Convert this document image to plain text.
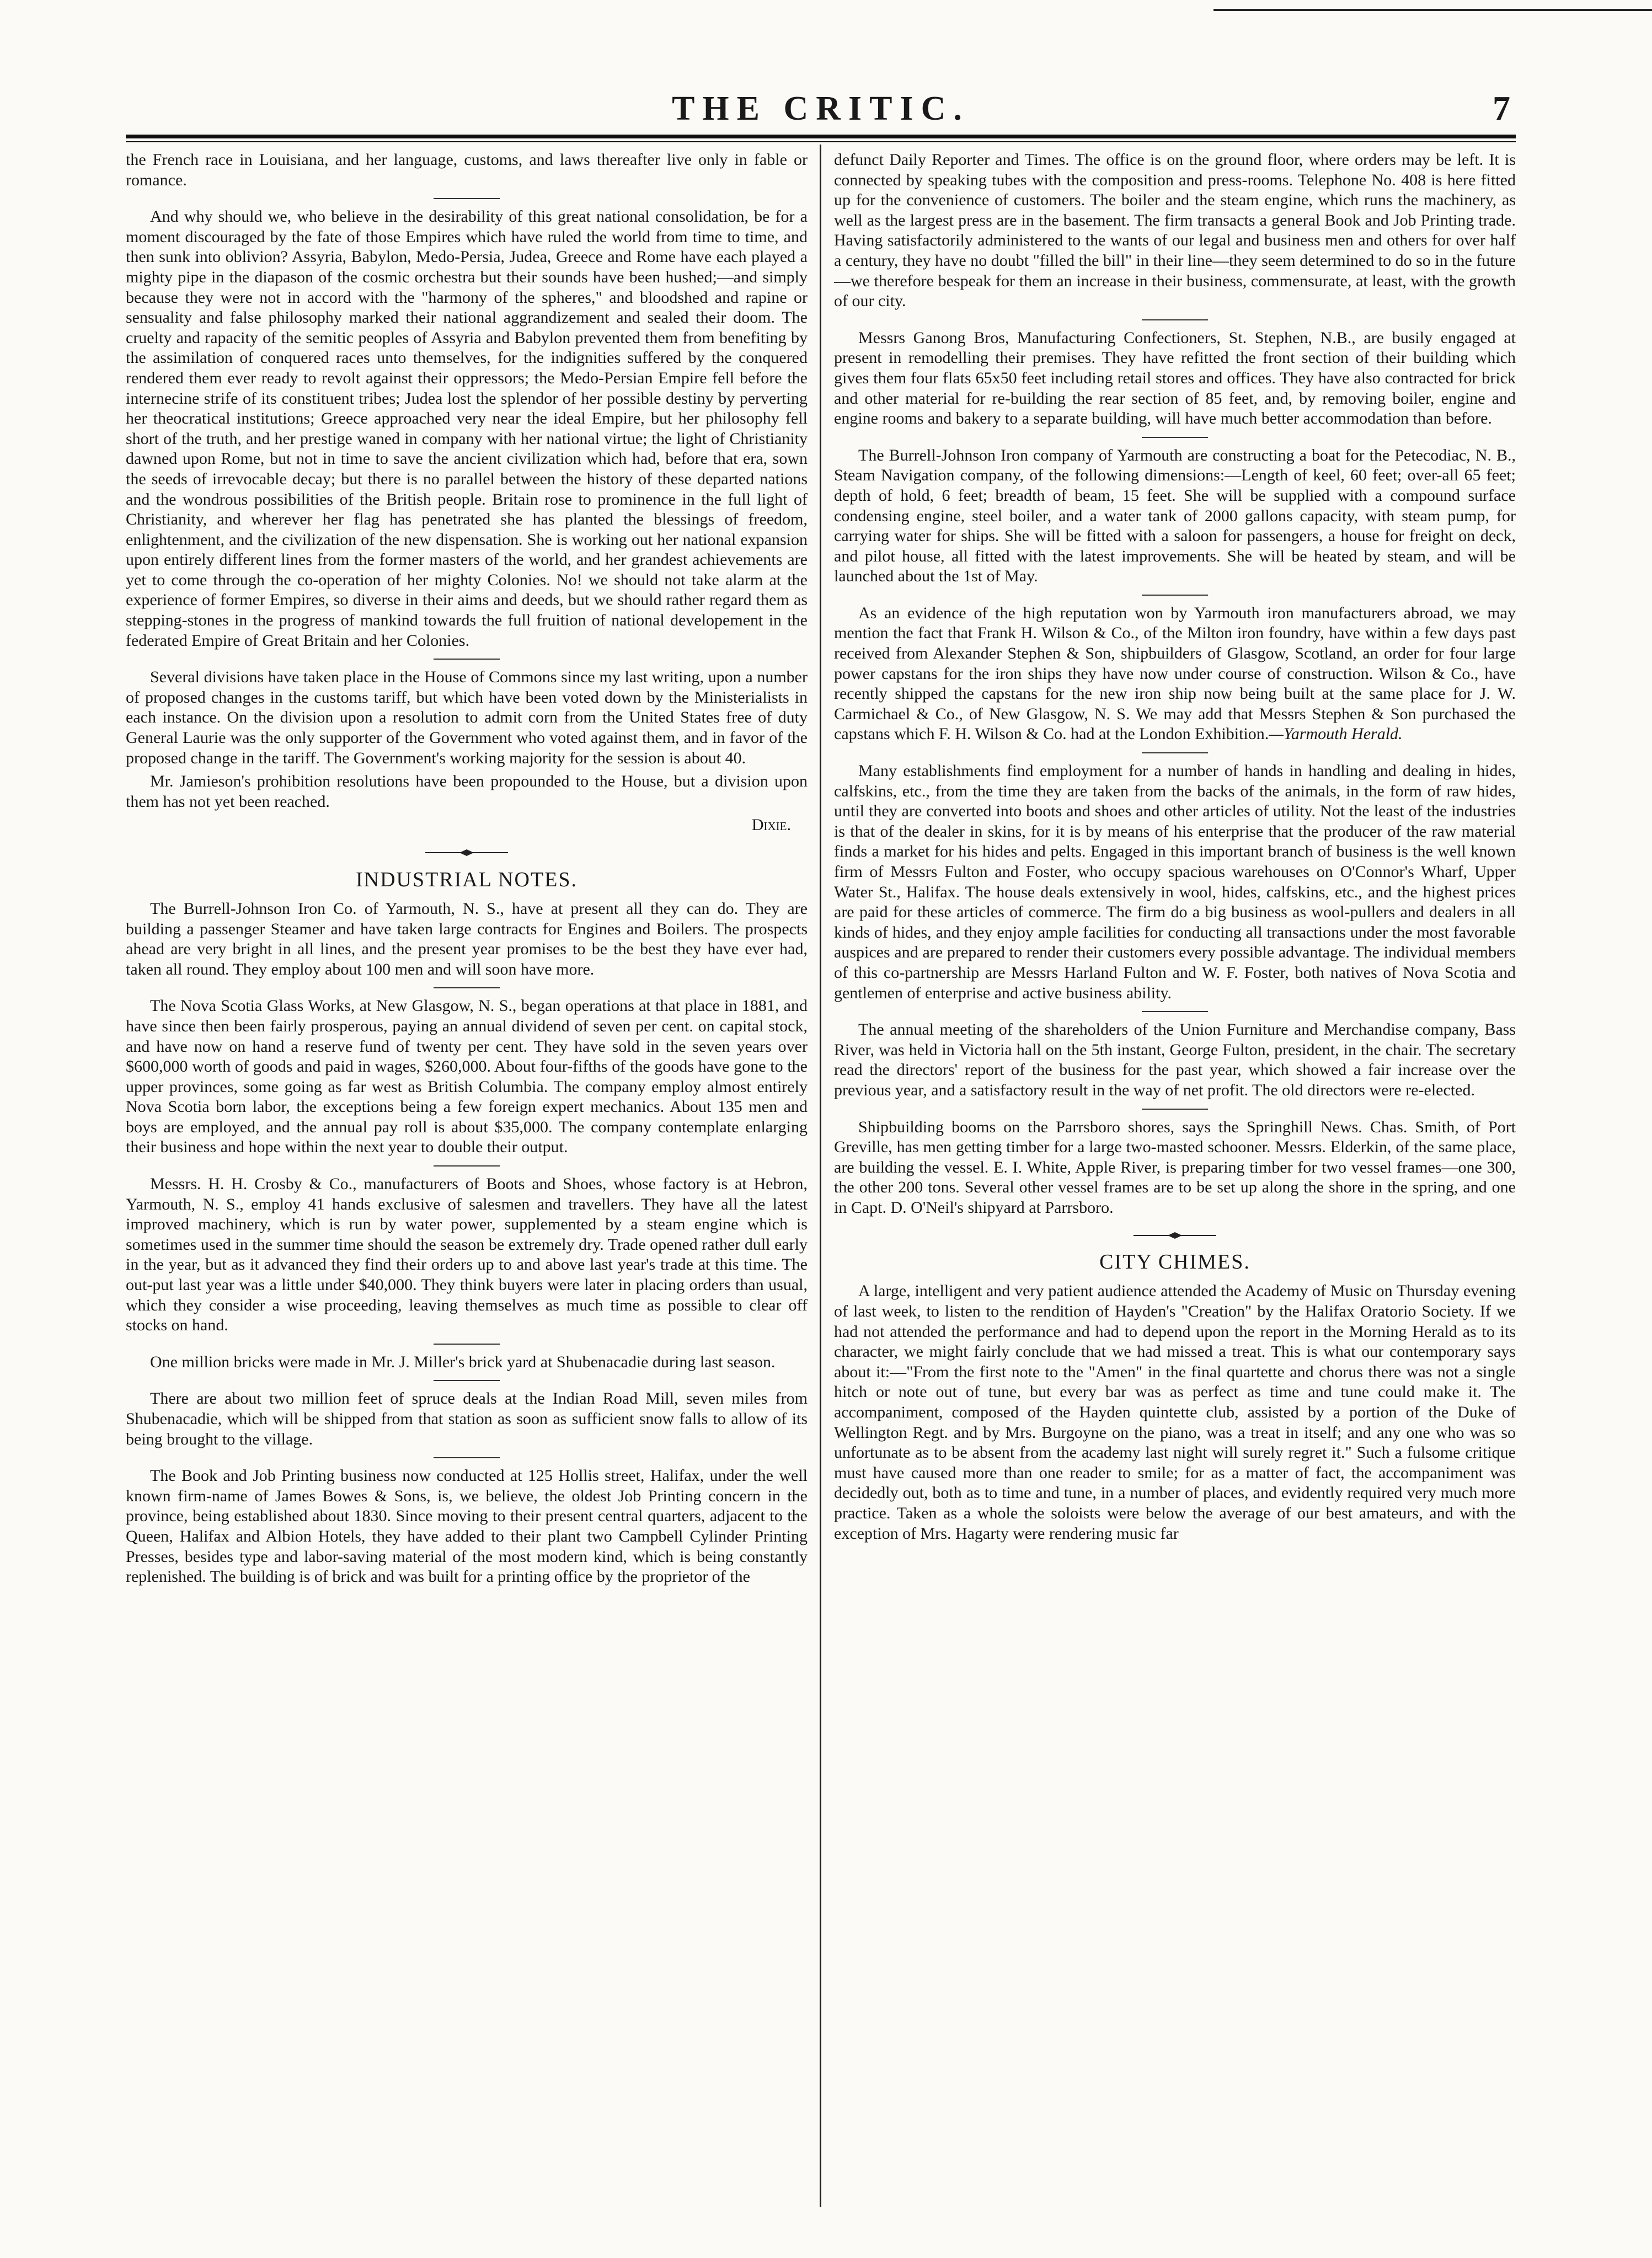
THE CRITIC.	7

the French race in Louisiana, and her language, customs, and laws thereafter live only in fable or romance.

And why should we, who believe in the desirability of this great national consolidation, be for a moment discouraged by the fate of those Empires which have ruled the world from time to time, and then sunk into oblivion? Assyria, Babylon, Medo-Persia, Judea, Greece and Rome have each played a mighty pipe in the diapason of the cosmic orchestra but their sounds have been hushed;—and simply because they were not in accord with the "harmony of the spheres," and bloodshed and rapine or sensuality and false philosophy marked their national aggrandizement and sealed their doom. The cruelty and rapacity of the semitic peoples of Assyria and Babylon prevented them from benefiting by the assimilation of conquered races unto themselves, for the indignities suffered by the conquered rendered them ever ready to revolt against their oppressors; the Medo-Persian Empire fell before the internecine strife of its constituent tribes; Judea lost the splendor of her possible destiny by perverting her theocratical institutions; Greece approached very near the ideal Empire, but her philosophy fell short of the truth, and her prestige waned in company with her national virtue; the light of Christianity dawned upon Rome, but not in time to save the ancient civilization which had, before that era, sown the seeds of irrevocable decay; but there is no parallel between the history of these departed nations and the wondrous possibilities of the British people. Britain rose to prominence in the full light of Christianity, and wherever her flag has penetrated she has planted the blessings of freedom, enlightenment, and the civilization of the new dispensation. She is working out her national expansion upon entirely different lines from the former masters of the world, and her grandest achievements are yet to come through the co-operation of her mighty Colonies. No! we should not take alarm at the experience of former Empires, so diverse in their aims and deeds, but we should rather regard them as stepping-stones in the progress of mankind towards the full fruition of national developement in the federated Empire of Great Britain and her Colonies.

Several divisions have taken place in the House of Commons since my last writing, upon a number of proposed changes in the customs tariff, but which have been voted down by the Ministerialists in each instance. On the division upon a resolution to admit corn from the United States free of duty General Laurie was the only supporter of the Government who voted against them, and in favor of the proposed change in the tariff. The Government's working majority for the session is about 40.

Mr. Jamieson's prohibition resolutions have been propounded to the House, but a division upon them has not yet been reached.

Dixie.
INDUSTRIAL NOTES.

The Burrell-Johnson Iron Co. of Yarmouth, N. S., have at present all they can do. They are building a passenger Steamer and have taken large contracts for Engines and Boilers. The prospects ahead are very bright in all lines, and the present year promises to be the best they have ever had, taken all round. They employ about 100 men and will soon have more.

The Nova Scotia Glass Works, at New Glasgow, N. S., began operations at that place in 1881, and have since then been fairly prosperous, paying an annual dividend of seven per cent. on capital stock, and have now on hand a reserve fund of twenty per cent. They have sold in the seven years over $600,000 worth of goods and paid in wages, $260,000. About four-fifths of the goods have gone to the upper provinces, some going as far west as British Columbia. The company employ almost entirely Nova Scotia born labor, the exceptions being a few foreign expert mechanics. About 135 men and boys are employed, and the annual pay roll is about $35,000. The company contemplate enlarging their business and hope within the next year to double their output.

Messrs. H. H. Crosby & Co., manufacturers of Boots and Shoes, whose factory is at Hebron, Yarmouth, N. S., employ 41 hands exclusive of salesmen and travellers. They have all the latest improved machinery, which is run by water power, supplemented by a steam engine which is sometimes used in the summer time should the season be extremely dry. Trade opened rather dull early in the year, but as it advanced they find their orders up to and above last year's trade at this time. The out-put last year was a little under $40,000. They think buyers were later in placing orders than usual, which they consider a wise proceeding, leaving themselves as much time as possible to clear off stocks on hand.

One million bricks were made in Mr. J. Miller's brick yard at Shubenacadie during last season.

There are about two million feet of spruce deals at the Indian Road Mill, seven miles from Shubenacadie, which will be shipped from that station as soon as sufficient snow falls to allow of its being brought to the village.

The Book and Job Printing business now conducted at 125 Hollis street, Halifax, under the well known firm-name of James Bowes & Sons, is, we believe, the oldest Job Printing concern in the province, being established about 1830. Since moving to their present central quarters, adjacent to the Queen, Halifax and Albion Hotels, they have added to their plant two Campbell Cylinder Printing Presses, besides type and labor-saving material of the most modern kind, which is being constantly replenished. The building is of brick and was built for a printing office by the proprietor of the

defunct Daily Reporter and Times. The office is on the ground floor, where orders may be left. It is connected by speaking tubes with the composition and press-rooms. Telephone No. 408 is here fitted up for the convenience of customers. The boiler and the steam engine, which runs the machinery, as well as the largest press are in the basement. The firm transacts a general Book and Job Printing trade. Having satisfactorily administered to the wants of our legal and business men and others for over half a century, they have no doubt "filled the bill" in their line—they seem determined to do so in the future—we therefore bespeak for them an increase in their business, commensurate, at least, with the growth of our city.

Messrs Ganong Bros, Manufacturing Confectioners, St. Stephen, N.B., are busily engaged at present in remodelling their premises. They have refitted the front section of their building which gives them four flats 65x50 feet including retail stores and offices. They have also contracted for brick and other material for re-building the rear section of 85 feet, and, by removing boiler, engine and engine rooms and bakery to a separate building, will have much better accommodation than before.

The Burrell-Johnson Iron company of Yarmouth are constructing a boat for the Petecodiac, N. B., Steam Navigation company, of the following dimensions:—Length of keel, 60 feet; over-all 65 feet; depth of hold, 6 feet; breadth of beam, 15 feet. She will be supplied with a compound surface condensing engine, steel boiler, and a water tank of 2000 gallons capacity, with steam pump, for carrying water for ships. She will be fitted with a saloon for passengers, a house for freight on deck, and pilot house, all fitted with the latest improvements. She will be heated by steam, and will be launched about the 1st of May.

As an evidence of the high reputation won by Yarmouth iron manufacturers abroad, we may mention the fact that Frank H. Wilson & Co., of the Milton iron foundry, have within a few days past received from Alexander Stephen & Son, shipbuilders of Glasgow, Scotland, an order for four large power capstans for the iron ships they have now under course of construction. Wilson & Co., have recently shipped the capstans for the new iron ship now being built at the same place for J. W. Carmichael & Co., of New Glasgow, N. S. We may add that Messrs Stephen & Son purchased the capstans which F. H. Wilson & Co. had at the London Exhibition.—Yarmouth Herald.

Many establishments find employment for a number of hands in handling and dealing in hides, calfskins, etc., from the time they are taken from the backs of the animals, in the form of raw hides, until they are converted into boots and shoes and other articles of utility. Not the least of the industries is that of the dealer in skins, for it is by means of his enterprise that the producer of the raw material finds a market for his hides and pelts. Engaged in this important branch of business is the well known firm of Messrs Fulton and Foster, who occupy spacious warehouses on O'Connor's Wharf, Upper Water St., Halifax. The house deals extensively in wool, hides, calfskins, etc., and the highest prices are paid for these articles of commerce. The firm do a big business as wool-pullers and dealers in all kinds of hides, and they enjoy ample facilities for conducting all transactions under the most favorable auspices and are prepared to render their customers every possible advantage. The individual members of this co-partnership are Messrs Harland Fulton and W. F. Foster, both natives of Nova Scotia and gentlemen of enterprise and active business ability.

The annual meeting of the shareholders of the Union Furniture and Merchandise company, Bass River, was held in Victoria hall on the 5th instant, George Fulton, president, in the chair. The secretary read the directors' report of the business for the past year, which showed a fair increase over the previous year, and a satisfactory result in the way of net profit. The old directors were re-elected.

Shipbuilding booms on the Parrsboro shores, says the Springhill News. Chas. Smith, of Port Greville, has men getting timber for a large two-masted schooner. Messrs. Elderkin, of the same place, are building the vessel. E. I. White, Apple River, is preparing timber for two vessel frames—one 300, the other 200 tons. Several other vessel frames are to be set up along the shore in the spring, and one in Capt. D. O'Neil's shipyard at Parrsboro.

CITY CHIMES.

A large, intelligent and very patient audience attended the Academy of Music on Thursday evening of last week, to listen to the rendition of Hayden's "Creation" by the Halifax Oratorio Society. If we had not attended the performance and had to depend upon the report in the Morning Herald as to its character, we might fairly conclude that we had missed a treat. This is what our contemporary says about it:—"From the first note to the "Amen" in the final quartette and chorus there was not a single hitch or note out of tune, but every bar was as perfect as time and tune could make it. The accompaniment, composed of the Hayden quintette club, assisted by a portion of the Duke of Wellington Regt. and by Mrs. Burgoyne on the piano, was a treat in itself; and any one who was so unfortunate as to be absent from the academy last night will surely regret it." Such a fulsome critique must have caused more than one reader to smile; for as a matter of fact, the accompaniment was decidedly out, both as to time and tune, in a number of places, and evidently required very much more practice. Taken as a whole the soloists were below the average of our best amateurs, and with the exception of Mrs. Hagarty were rendering music far
